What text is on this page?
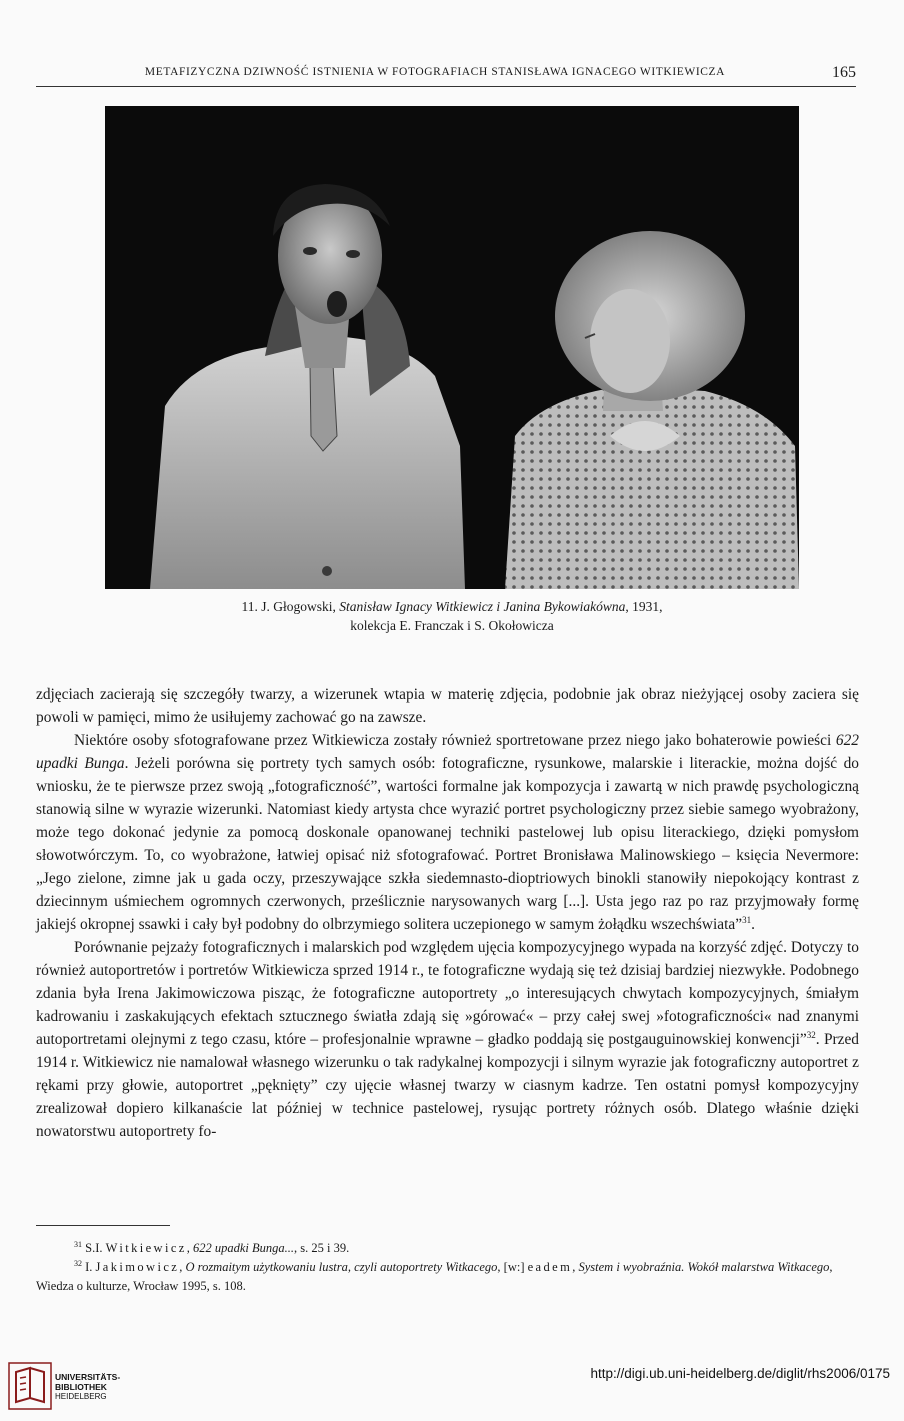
METAFIZYCZNA DZIWNOŚĆ ISTNIENIA W FOTOGRAFIACH STANISŁAWA IGNACEGO WITKIEWICZA	165
11. J. Głogowski, Stanisław Ignacy Witkiewicz i Janina Bykowiakówna, 1931,
kolekcja E. Franczak i S. Okołowicza

zdjęciach zacierają się szczegóły twarzy, a wizerunek wtapia w materię zdjęcia, podobnie jak obraz nieżyjącej osoby zaciera się powoli w pamięci, mimo że usiłujemy zachować go na zawsze.

Niektóre osoby sfotografowane przez Witkiewicza zostały również sportretowane przez niego jako bohaterowie powieści 622 upadki Bunga. Jeżeli porówna się portrety tych samych osób: fotograficzne, rysunkowe, malarskie i literackie, można dojść do wniosku, że te pierwsze przez swoją „fotograficzność”, wartości formalne jak kompozycja i zawartą w nich prawdę psychologiczną stanowią silne w wyrazie wizerunki. Natomiast kiedy artysta chce wyrazić portret psychologiczny przez siebie samego wyobrażony, może tego dokonać jedynie za pomocą doskonale opanowanej techniki pastelowej lub opisu literackiego, dzięki pomysłom słowotwórczym. To, co wyobrażone, łatwiej opisać niż sfotografować. Portret Bronisława Malinowskiego – księcia Nevermore: „Jego zielone, zimne jak u gada oczy, przeszywające szkła siedemnasto-dioptriowych binokli stanowiły niepokojący kontrast z dziecinnym uśmiechem ogromnych czerwonych, prześlicznie narysowanych warg [...]. Usta jego raz po raz przyjmowały formę jakiejś okropnej ssawki i cały był podobny do olbrzymiego solitera uczepionego w samym żołądku wszechświata”$^{31}$.

Porównanie pejzaży fotograficznych i malarskich pod względem ujęcia kompozycyjnego wypada na korzyść zdjęć. Dotyczy to również autoportretów i portretów Witkiewicza sprzed 1914 r., te fotograficzne wydają się też dzisiaj bardziej niezwykłe. Podobnego zdania była Irena Jakimowiczowa pisząc, że fotograficzne autoportrety „o interesujących chwytach kompozycyjnych, śmiałym kadrowaniu i zaskakujących efektach sztucznego światła zdają się »górować« – przy całej swej »fotograficzności« nad znanymi autoportretami olejnymi z tego czasu, które – profesjonalnie wprawne – gładko poddają się postgauguinowskiej konwencji”$^{32}$. Przed 1914 r. Witkiewicz nie namalował własnego wizerunku o tak radykalnej kompozycji i silnym wyrazie jak fotograficzny autoportret z rękami przy głowie, autoportret „pęknięty” czy ujęcie własnej twarzy w ciasnym kadrze. Ten ostatni pomysł kompozycyjny zrealizował dopiero kilkanaście lat później w technice pastelowej, rysując portrety różnych osób. Dlatego właśnie dzięki nowatorstwu autoportrety fo-

$^{31}$ S.I. Witkiewicz, 622 upadki Bunga..., s. 25 i 39.
$^{32}$ I. Jakimowicz, O rozmaitym użytkowaniu lustra, czyli autoportrety Witkacego, [w:] eadem, System i wyobraźnia. Wokół malarstwa Witkacego, Wiedza o kulturze, Wrocław 1995, s. 108.
UNIVERSITÄTS-
BIBLIOTHEK
HEIDELBERG
http://digi.ub.uni-heidelberg.de/diglit/rhs2006/0175
